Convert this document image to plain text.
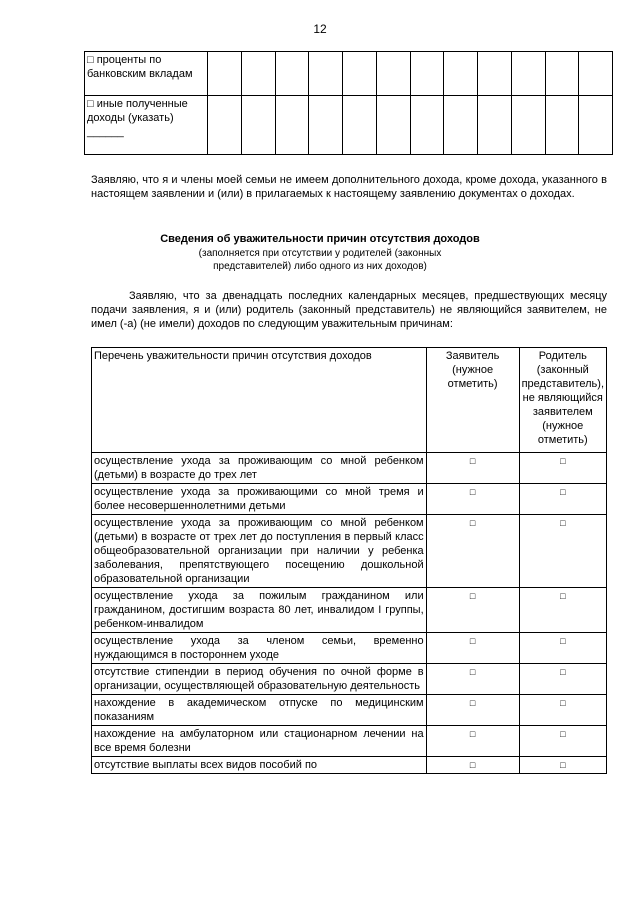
12
□ проценты по банковским вкладам												
□ иные полученные доходы (указать)
______												
Заявляю, что я и члены моей семьи не имеем дополнительного дохода, кроме дохода, указанного в настоящем заявлении и (или) в прилагаемых к настоящему заявлению документах о доходах.
Сведения об уважительности причин отсутствия доходов
(заполняется при отсутствии у родителей (законных представителей) либо одного из них доходов)
Заявляю, что за двенадцать последних календарных месяцев, предшествующих месяцу подачи заявления, я и (или) родитель (законный представитель) не являющийся заявителем, не имел (-а) (не имели) доходов по следующим уважительным причинам:
Перечень уважительности причин отсутствия доходов	Заявитель (нужное отметить)	Родитель (законный представитель), не являющийся заявителем (нужное отметить)
осуществление ухода за проживающим со мной ребенком (детьми) в возрасте до трех лет	□	□
осуществление ухода за проживающими со мной тремя и более несовершеннолетними детьми	□	□
осуществление ухода за проживающим со мной ребенком (детьми) в возрасте от трех лет до поступления в первый класс общеобразовательной организации при наличии у ребенка заболевания, препятствующего посещению дошкольной образовательной организации	□	□
осуществление ухода за пожилым гражданином или гражданином, достигшим возраста 80 лет, инвалидом I группы, ребенком-инвалидом	□	□
осуществление ухода за членом семьи, временно нуждающимся в постороннем уходе	□	□
отсутствие стипендии в период обучения по очной форме в организации, осуществляющей образовательную деятельность	□	□
нахождение в академическом отпуске по медицинским показаниям	□	□
нахождение на амбулаторном или стационарном лечении на все время болезни	□	□
отсутствие выплаты всех видов пособий по	□	□
